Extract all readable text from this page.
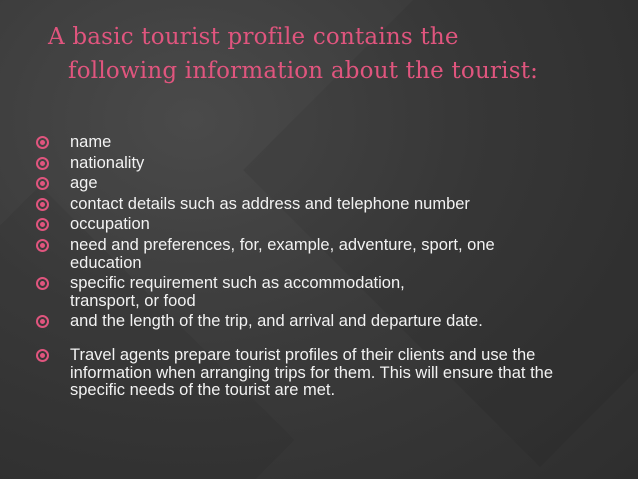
A basic tourist profile contains the
following information about the tourist:
name
nationality
age
contact details such as address and telephone number
occupation
need and preferences, for, example, adventure, sport, one education
specific requirement such as accommodation, transport, or food
and the length of the trip, and arrival and departure date.
Travel agents prepare tourist profiles of their clients and use the information when arranging trips for them. This will ensure that the specific needs of the tourist are met.
